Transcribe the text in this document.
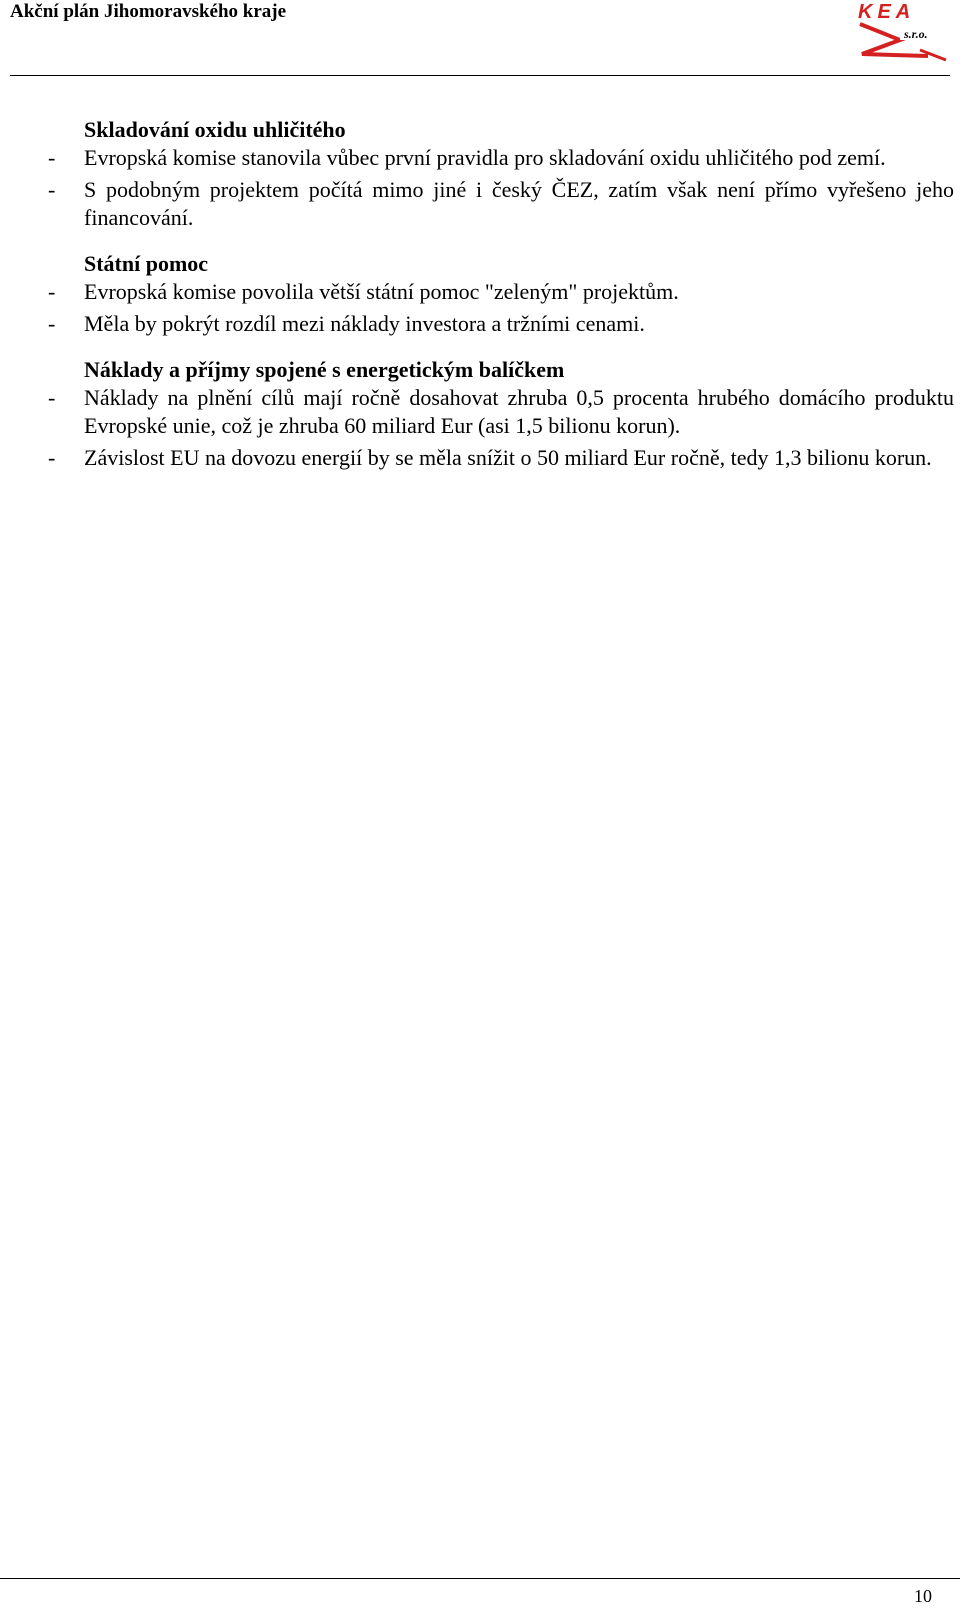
Akční plán Jihomoravského kraje	KEA
s.r.o.
Skladování oxidu uhličitého
-	Evropská komise stanovila vůbec první pravidla pro skladování oxidu uhličitého pod zemí.
-	S podobným projektem počítá mimo jiné i český ČEZ, zatím však není přímo vyřešeno jeho financování.
Státní pomoc
-	Evropská komise povolila větší státní pomoc "zeleným" projektům.
-	Měla by pokrýt rozdíl mezi náklady investora a tržními cenami.
Náklady a příjmy spojené s energetickým balíčkem
-	Náklady na plnění cílů mají ročně dosahovat zhruba 0,5 procenta hrubého domácího produktu Evropské unie, což je zhruba 60 miliard Eur (asi 1,5 bilionu korun).
-	Závislost EU na dovozu energií by se měla snížit o 50 miliard Eur ročně, tedy 1,3 bilionu korun.
10
